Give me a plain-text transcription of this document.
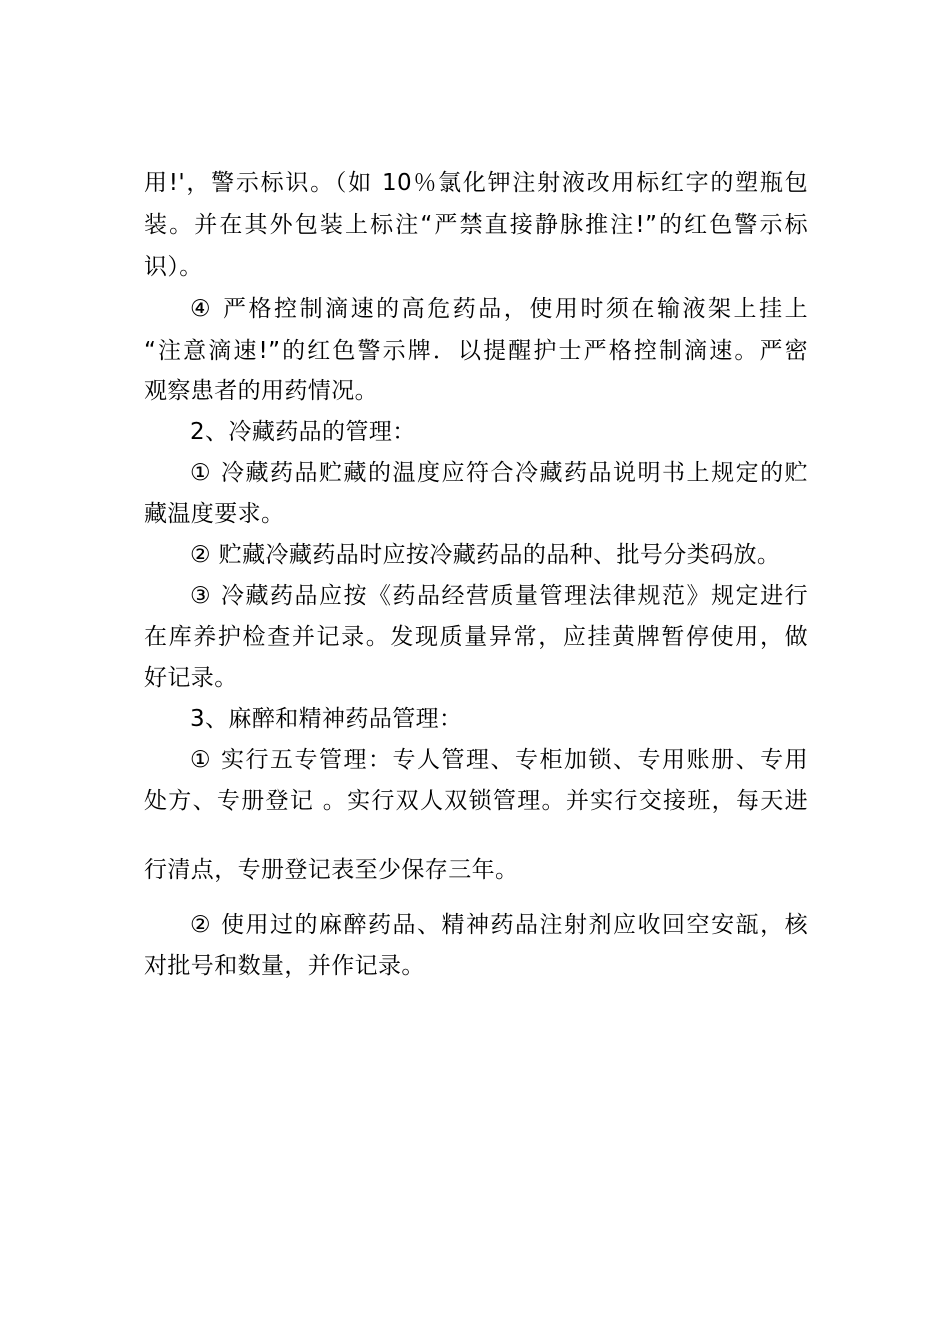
用!'，警示标识。（如 10％氯化钾注射液改用标红字的塑瓶包
装。并在其外包装上标注“严禁直接静脉推注!”的红色警示标
识）。
④ 严格控制滴速的高危药品，使用时须在输液架上挂上
“注意滴速!”的红色警示牌．以提醒护士严格控制滴速。严密
观察患者的用药情况。
2、冷藏药品的管理：
① 冷藏药品贮藏的温度应符合冷藏药品说明书上规定的贮
藏温度要求。
② 贮藏冷藏药品时应按冷藏药品的品种、批号分类码放。
③ 冷藏药品应按《药品经营质量管理法律规范》规定进行
在库养护检查并记录。发现质量异常，应挂黄牌暂停使用，做
好记录。
3、麻醉和精神药品管理：
① 实行五专管理：专人管理、专柜加锁、专用账册、专用
处方、专册登记 。实行双人双锁管理。并实行交接班，每天进
行清点，专册登记表至少保存三年。
② 使用过的麻醉药品、精神药品注射剂应收回空安瓿，核
对批号和数量，并作记录。
